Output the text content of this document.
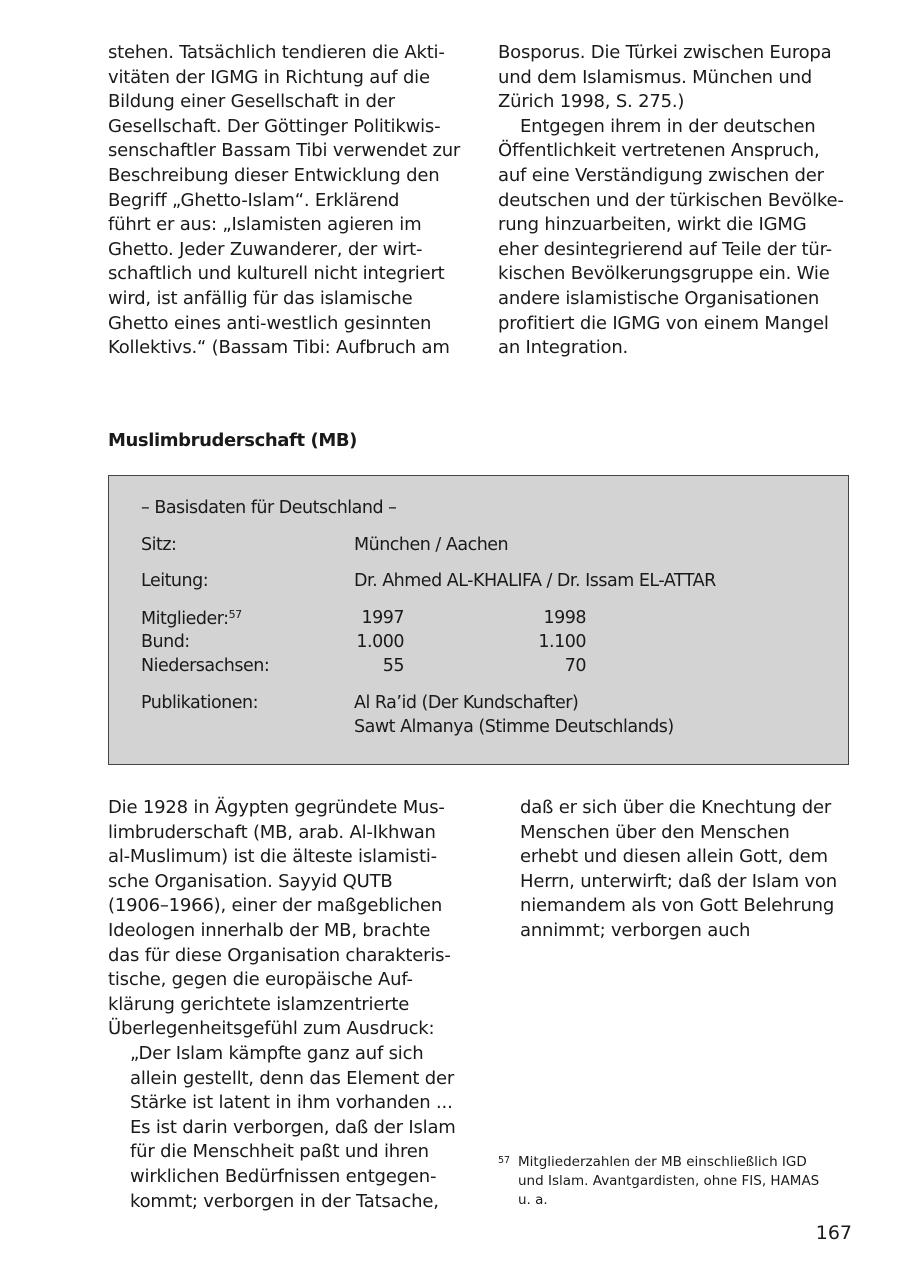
stehen. Tatsächlich tendieren die Akti-
vitäten der IGMG in Richtung auf die
Bildung einer Gesellschaft in der
Gesellschaft. Der Göttinger Politikwis-
senschaftler Bassam Tibi verwendet zur
Beschreibung dieser Entwicklung den
Begriff „Ghetto-Islam“. Erklärend
führt er aus: „Islamisten agieren im
Ghetto. Jeder Zuwanderer, der wirt-
schaftlich und kulturell nicht integriert
wird, ist anfällig für das islamische
Ghetto eines anti-westlich gesinnten
Kollektivs.“ (Bassam Tibi: Aufbruch am
Bosporus. Die Türkei zwischen Europa
und dem Islamismus. München und
Zürich 1998, S. 275.)
Entgegen ihrem in der deutschen
Öffentlichkeit vertretenen Anspruch,
auf eine Verständigung zwischen der
deutschen und der türkischen Bevölke-
rung hinzuarbeiten, wirkt die IGMG
eher desintegrierend auf Teile der tür-
kischen Bevölkerungsgruppe ein. Wie
andere islamistische Organisationen
profitiert die IGMG von einem Mangel
an Integration.
Muslimbruderschaft (MB)
– Basisdaten für Deutschland –
Sitz:	München / Aachen
Leitung:	Dr. Ahmed AL-KHALIFA / Dr. Issam EL-ATTAR
Mitglieder:$^{57}$	1997	1998
Bund:	1.000	1.100
Niedersachsen:	55	70
Publikationen:	Al Ra’id (Der Kundschafter)
Sawt Almanya (Stimme Deutschlands)
Die 1928 in Ägypten gegründete Mus-
limbruderschaft (MB, arab. Al-Ikhwan
al-Muslimum) ist die älteste islamisti-
sche Organisation. Sayyid QUTB
(1906–1966), einer der maßgeblichen
Ideologen innerhalb der MB, brachte
das für diese Organisation charakteris-
tische, gegen die europäische Auf-
klärung gerichtete islamzentrierte
Überlegenheitsgefühl zum Ausdruck:
„Der Islam kämpfte ganz auf sich
allein gestellt, denn das Element der
Stärke ist latent in ihm vorhanden ...
Es ist darin verborgen, daß der Islam
für die Menschheit paßt und ihren
wirklichen Bedürfnissen entgegen-
kommt; verborgen in der Tatsache,
daß er sich über die Knechtung der
Menschen über den Menschen
erhebt und diesen allein Gott, dem
Herrn, unterwirft; daß der Islam von
niemandem als von Gott Belehrung
annimmt; verborgen auch
57 Mitgliederzahlen der MB einschließlich IGD
und Islam. Avantgardisten, ohne FIS, HAMAS
u. a.
167
